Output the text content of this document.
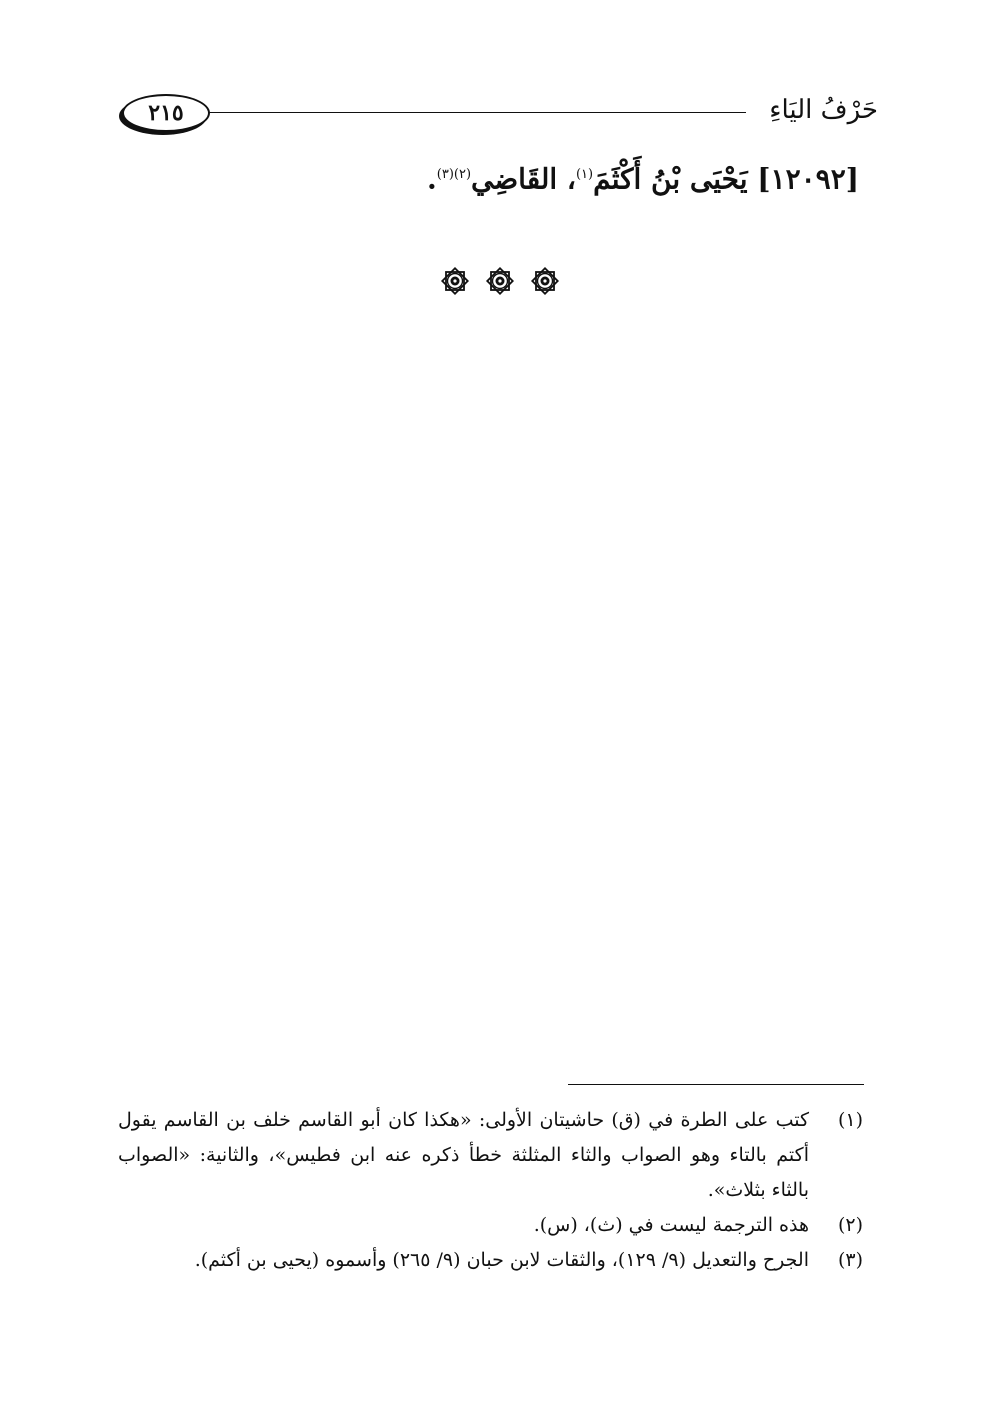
٢١٥	حَرْفُ اليَاءِ
[١٢٠٩٢] يَحْيَى بْنُ أَكْثَمَ$^{(١)}$، القَاضِي$^{(٢)(٣)}$.
(١)
كتب على الطرة في (ق) حاشيتان الأولى: «هكذا كان أبو القاسم خلف بن القاسم يقول أكتم بالتاء وهو الصواب والثاء المثلثة خطأ ذكره عنه ابن فطيس»، والثانية: «الصواب بالثاء بثلاث».
(٢)
هذه الترجمة ليست في (ث)، (س).
(٣)
الجرح والتعديل (٩/ ١٢٩)، والثقات لابن حبان (٩/ ٢٦٥) وأسموه (يحيى بن أكثم).
